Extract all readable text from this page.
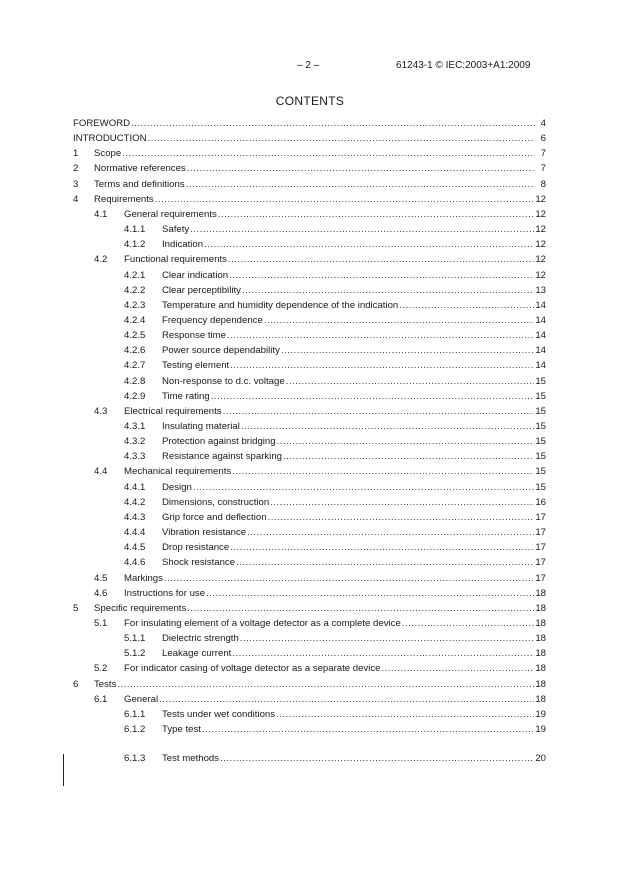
– 2 –	61243-1 © IEC:2003+A1:2009
CONTENTS
FOREWORD .....	4
INTRODUCTION .....	6
1 Scope .....	7
2 Normative references .....	7
3 Terms and definitions .....	8
4 Requirements .....	12
4.1 General requirements .....	12
4.1.1 Safety .....	12
4.1.2 Indication .....	12
4.2 Functional requirements .....	12
4.2.1 Clear indication .....	12
4.2.2 Clear perceptibility .....	13
4.2.3 Temperature and humidity dependence of the indication .....	14
4.2.4 Frequency dependence .....	14
4.2.5 Response time .....	14
4.2.6 Power source dependability .....	14
4.2.7 Testing element .....	14
4.2.8 Non-response to d.c. voltage .....	15
4.2.9 Time rating .....	15
4.3 Electrical requirements .....	15
4.3.1 Insulating material .....	15
4.3.2 Protection against bridging .....	15
4.3.3 Resistance against sparking .....	15
4.4 Mechanical requirements .....	15
4.4.1 Design .....	15
4.4.2 Dimensions, construction .....	16
4.4.3 Grip force and deflection .....	17
4.4.4 Vibration resistance .....	17
4.4.5 Drop resistance .....	17
4.4.6 Shock resistance .....	17
4.5 Markings .....	17
4.6 Instructions for use .....	18
5 Specific requirements .....	18
5.1 For insulating element of a voltage detector as a complete device .....	18
5.1.1 Dielectric strength .....	18
5.1.2 Leakage current .....	18
5.2 For indicator casing of voltage detector as a separate device .....	18
6 Tests .....	18
6.1 General .....	18
6.1.1 Tests under wet conditions .....	19
6.1.2 Type test .....	19
6.1.3 Test methods .....	20
